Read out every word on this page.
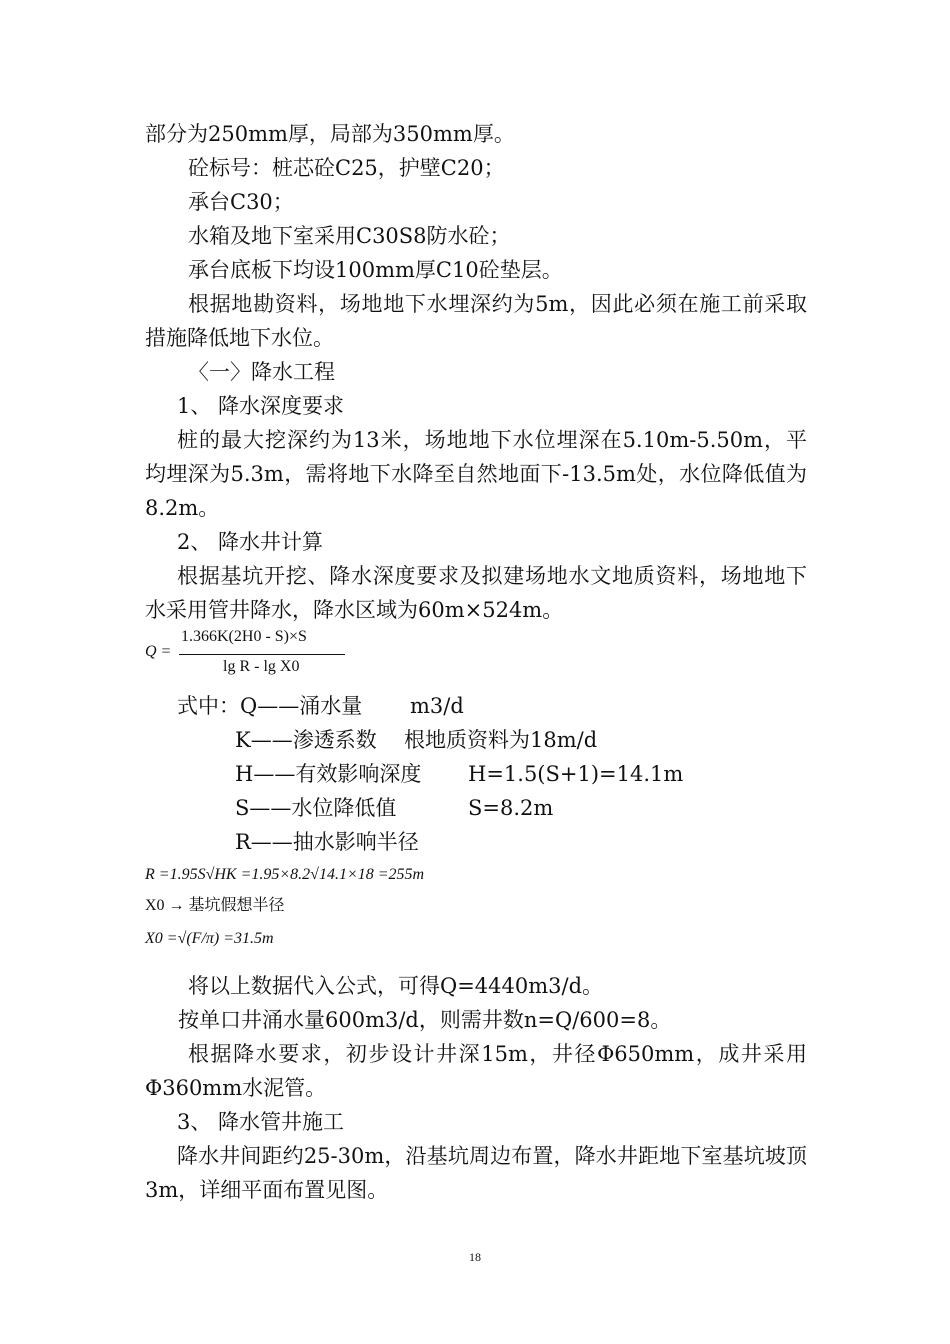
部分为250mm厚，局部为350mm厚。
砼标号：桩芯砼C25，护壁C20；
承台C30；
水箱及地下室采用C30S8防水砼；
承台底板下均设100mm厚C10砼垫层。
根据地勘资料，场地地下水埋深约为5m，因此必须在施工前采取
措施降低地下水位。
〈一〉降水工程
1、 降水深度要求
桩的最大挖深约为13米，场地地下水位埋深在5.10m-5.50m，平
均埋深为5.3m，需将地下水降至自然地面下-13.5m处，水位降低值为
8.2m。
2、 降水井计算
根据基坑开挖、降水深度要求及拟建场地水文地质资料，场地地下
水采用管井降水，降水区域为60m×524m。
Q =
1.366K(2H0 - S)×S
lg R - lg X0
式中：Q——涌水量 m3/d
K——渗透系数 根地质资料为18m/d
H——有效影响深度 H=1.5(S+1)=14.1m
S——水位降低值	S=8.2m
R——抽水影响半径
R =1.95S√HK =1.95×8.2√14.1×18 =255m
X0 → 基坑假想半径
X0 =√(F/π) =31.5m
将以上数据代入公式，可得Q=4440m3/d。
按单口井涌水量600m3/d，则需井数n=Q/600=8。
根据降水要求，初步设计井深15m，井径Φ650mm，成井采用
Φ360mm水泥管。
3、 降水管井施工
降水井间距约25-30m，沿基坑周边布置，降水井距地下室基坑坡顶
3m，详细平面布置见图。
18
